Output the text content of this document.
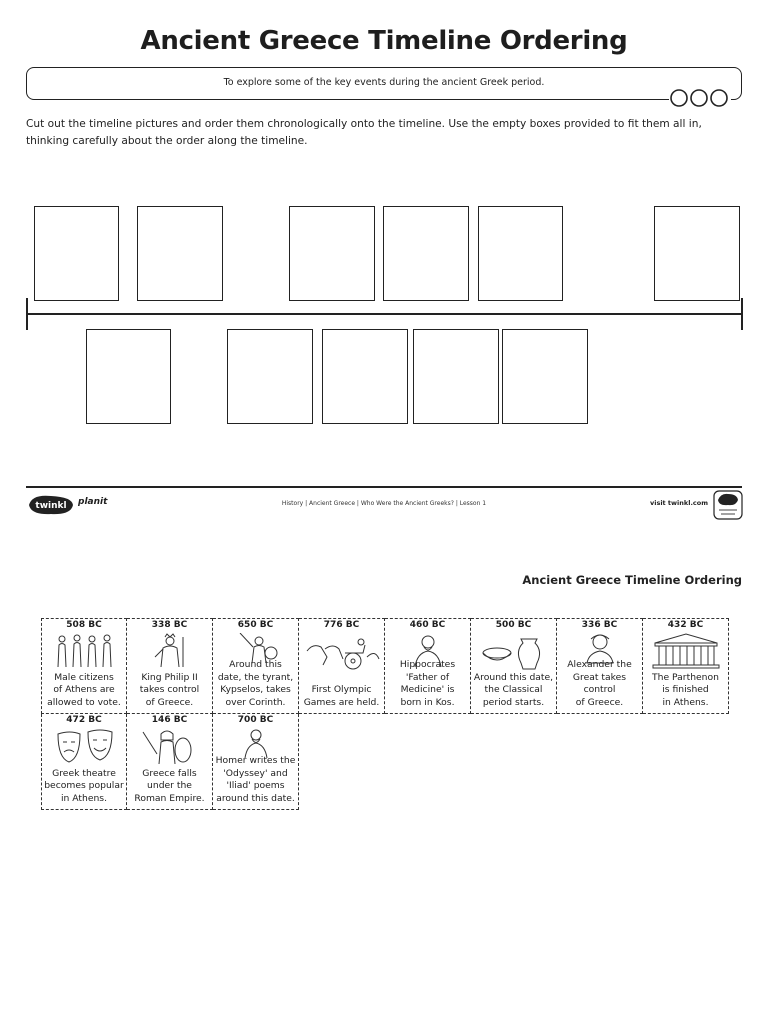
Ancient Greece Timeline Ordering
To explore some of the key events during the ancient Greek period.
Cut out the timeline pictures and order them chronologically onto the timeline. Use the empty boxes provided to fit them all in, thinking carefully about the order along the timeline.
twinkl planit	History | Ancient Greece | Who Were the Ancient Greeks? | Lesson 1	visit twinkl.com
Ancient Greece Timeline Ordering
508 BC
Male citizens
of Athens are
allowed to vote.
338 BC
King Philip II
takes control
of Greece.
650 BC
Around this
date, the tyrant,
Kypselos, takes
over Corinth.
776 BC
First Olympic
Games are held.
460 BC
Hippocrates
'Father of
Medicine' is
born in Kos.
500 BC
Around this date,
the Classical
period starts.
336 BC
Alexander the
Great takes
control
of Greece.
432 BC
The Parthenon
is finished
in Athens.
472 BC
Greek theatre
becomes popular
in Athens.
146 BC
Greece falls
under the
Roman Empire.
700 BC
Homer writes the
'Odyssey' and
'Iliad' poems
around this date.
